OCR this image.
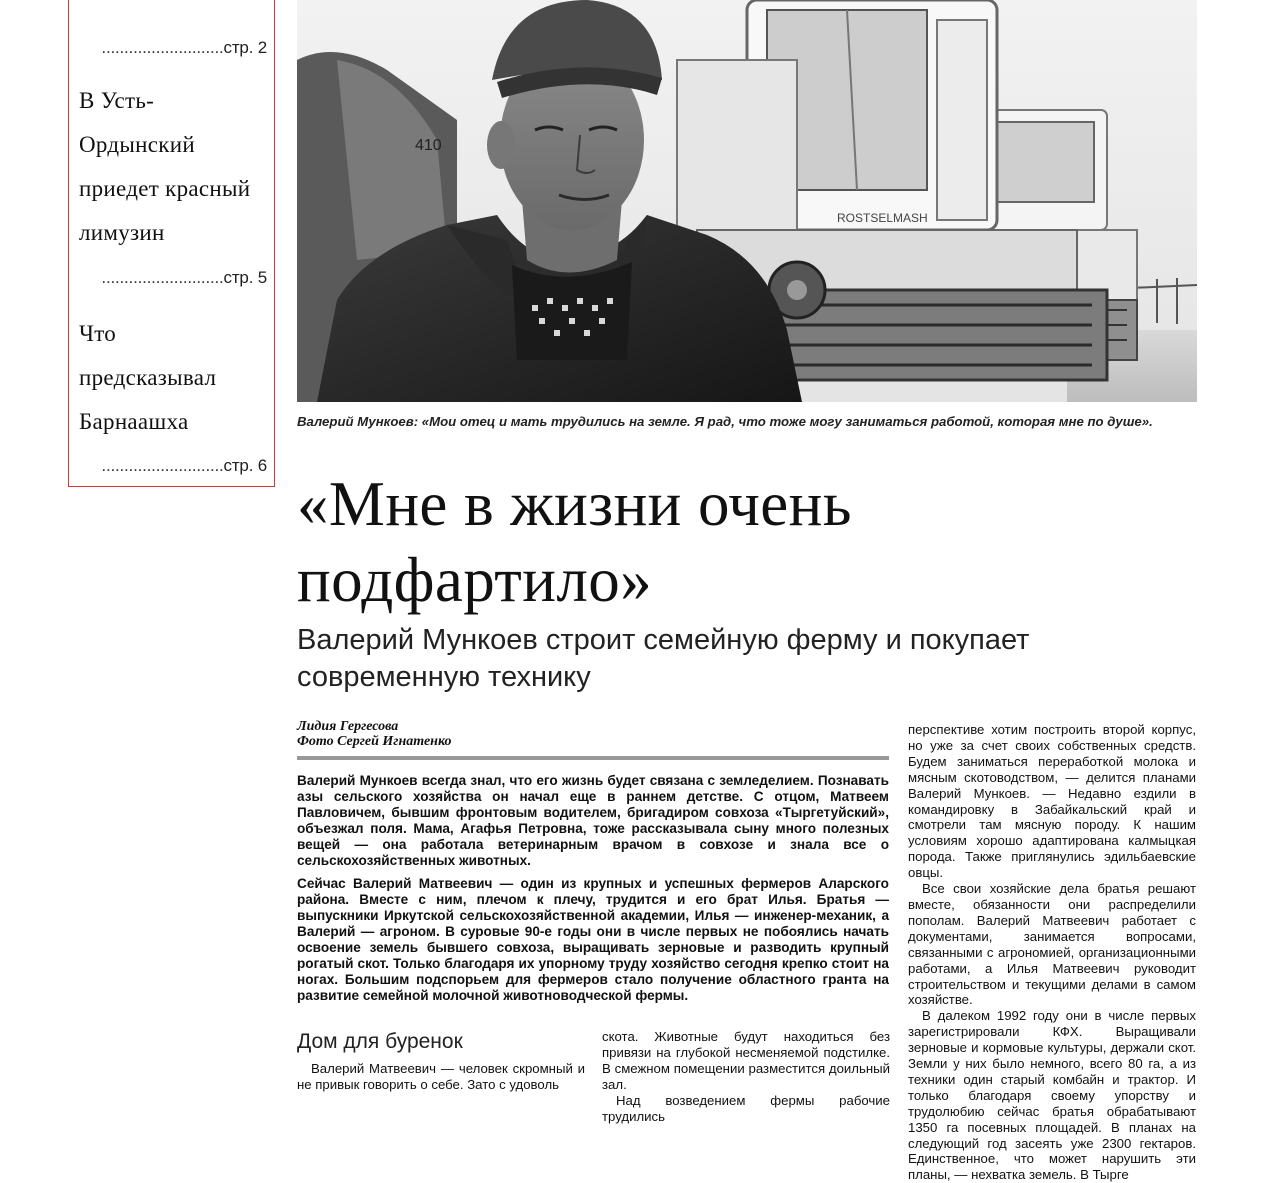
...........................стр. 2
В Усть-
Ордынский
приедет красный
лимузин
...........................стр. 5
Что
предсказывал
Барнаашха
...........................стр. 6
ROSTSELMASH
410
Валерий Мункоев: «Мои отец и мать трудились на земле. Я рад, что тоже могу заниматься работой, которая мне по душе».
«Мне в жизни очень
подфартило»
Валерий Мункоев строит семейную ферму и покупает
современную технику
Лидия Гергесова
Фото Сергей Игнатенко

Валерий Мункоев всегда знал, что его жизнь будет связана с земледелием. Познавать азы сельского хозяйства он начал еще в раннем детстве. С отцом, Матвеем Павловичем, бывшим фронтовым водителем, бригадиром совхоза «Тыргетуйский», объезжал поля. Мама, Агафья Петровна, тоже рассказывала сыну много полезных вещей — она работала ветеринарным врачом в совхозе и знала все о сельскохозяйственных животных.

Сейчас Валерий Матвеевич — один из крупных и успешных фермеров Аларского района. Вместе с ним, плечом к плечу, трудится и его брат Илья. Братья — выпускники Иркутской сельскохозяйственной академии, Илья — инженер-механик, а Валерий — агроном. В суровые 90-е годы они в числе первых не побоялись начать освоение земель бывшего совхоза, выращивать зерновые и разводить крупный рогатый скот. Только благодаря их упорному труду хозяйство сегодня крепко стоит на ногах. Большим подспорьем для фермеров стало получение областного гранта на развитие семейной молочной животноводческой фермы.

Дом для буренок

Валерий Матвеевич — человек скромный и не привык говорить о себе. Зато с удоволь

скота. Животные будут находиться без привязи на глубокой несменяемой подстилке. В смежном помещении разместится доильный зал.

Над возведением фермы рабочие трудились

перспективе хотим построить второй корпус, но уже за счет своих собственных средств. Будем заниматься переработкой молока и мясным скотоводством, — делится планами Валерий Мункоев. — Недавно ездили в командировку в Забайкальский край и смотрели там мясную породу. К нашим условиям хорошо адаптирована калмыцкая порода. Также приглянулись эдильбаевские овцы.

Все свои хозяйские дела братья решают вместе, обязанности они распределили пополам. Валерий Матвеевич работает с документами, занимается вопросами, связанными с агрономией, организационными работами, а Илья Матвеевич руководит строительством и текущими делами в самом хозяйстве.

В далеком 1992 году они в числе первых зарегистрировали КФХ. Выращивали зерновые и кормовые культуры, держали скот. Земли у них было немного, всего 80 га, а из техники один старый комбайн и трактор. И только благодаря своему упорству и трудолюбию сейчас братья обрабатывают 1350 га посевных площадей. В планах на следующий год засеять уже 2300 гектаров. Единственное, что может нарушить эти планы, — нехватка земель. В Тырге
